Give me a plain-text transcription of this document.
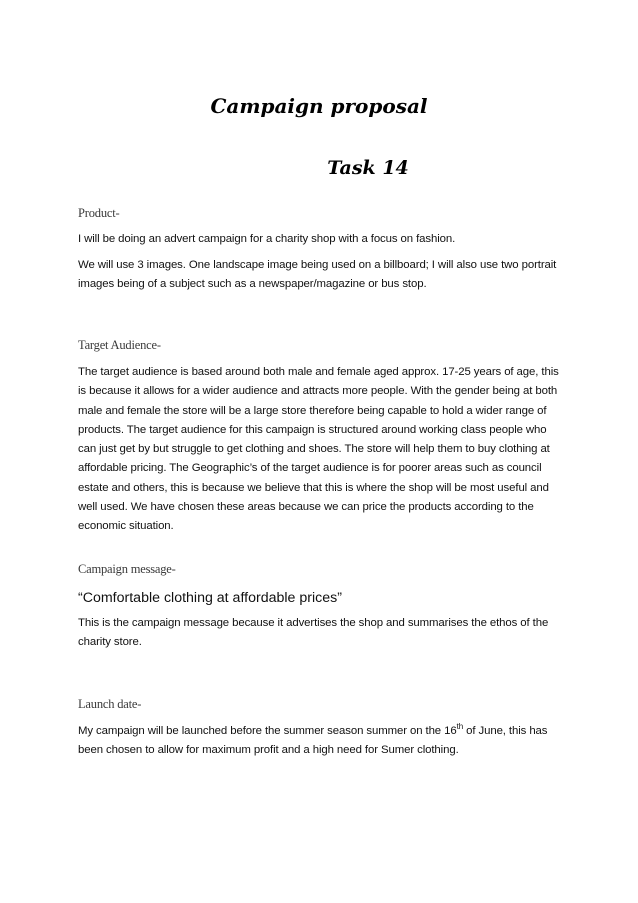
Campaign proposal
Task 14
Product-

I will be doing an advert campaign for a charity shop with a focus on fashion.

We will use 3 images. One landscape image being used on a billboard; I will also use two portrait images being of a subject such as a newspaper/magazine or bus stop.

Target Audience-

The target audience is based around both male and female aged approx. 17-25 years of age, this is because it allows for a wider audience and attracts more people. With the gender being at both male and female the store will be a large store therefore being capable to hold a wider range of products. The target audience for this campaign is structured around working class people who can just get by but struggle to get clothing and shoes. The store will help them to buy clothing at affordable pricing. The Geographic’s of the target audience is for poorer areas such as council estate and others, this is because we believe that this is where the shop will be most useful and well used. We have chosen these areas because we can price the products according to the economic situation.

Campaign message-
“Comfortable clothing at affordable prices”

This is the campaign message because it advertises the shop and summarises the ethos of the charity store.

Launch date-

My campaign will be launched before the summer season summer on the 16th of June, this has been chosen to allow for maximum profit and a high need for Sumer clothing.
